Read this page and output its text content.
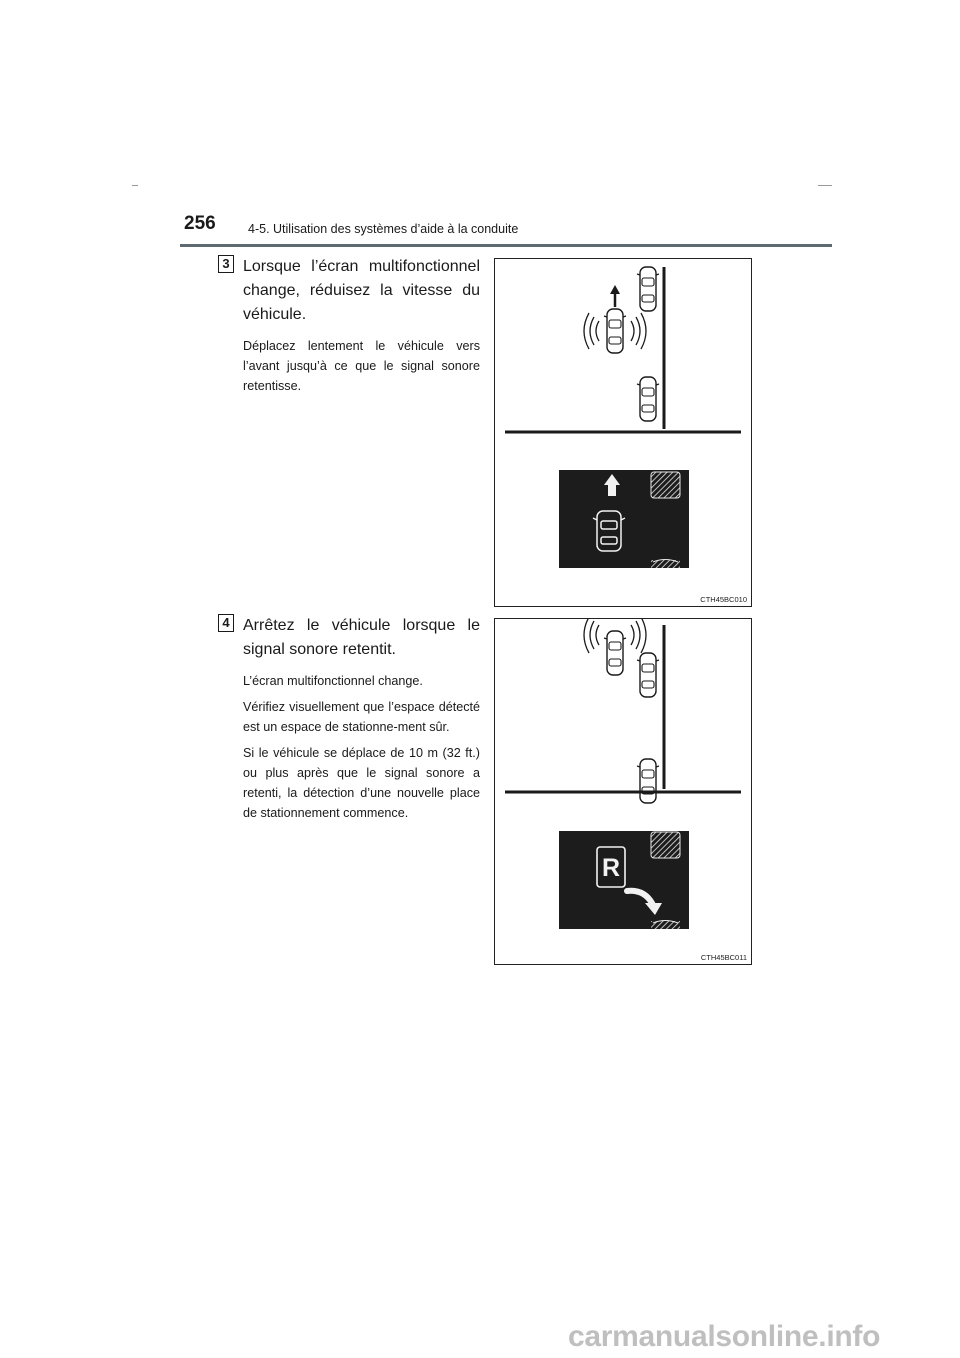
256	4-5. Utilisation des systèmes d’aide à la conduite
3 Lorsque l’écran multifonctionnel change, réduisez la vitesse du véhicule.

Déplacez lentement le véhicule vers l’avant jusqu’à ce que le signal sonore retentisse.

CTH45BC010
4 Arrêtez le véhicule lorsque le signal sonore retentit.

L’écran multifonctionnel change.

Vérifiez visuellement que l’espace détecté est un espace de stationne-ment sûr.

Si le véhicule se déplace de 10 m (32 ft.) ou plus après que le signal sonore a retenti, la détection d’une nouvelle place de stationnement commence.

R
CTH45BC011
carmanualsonline.info
